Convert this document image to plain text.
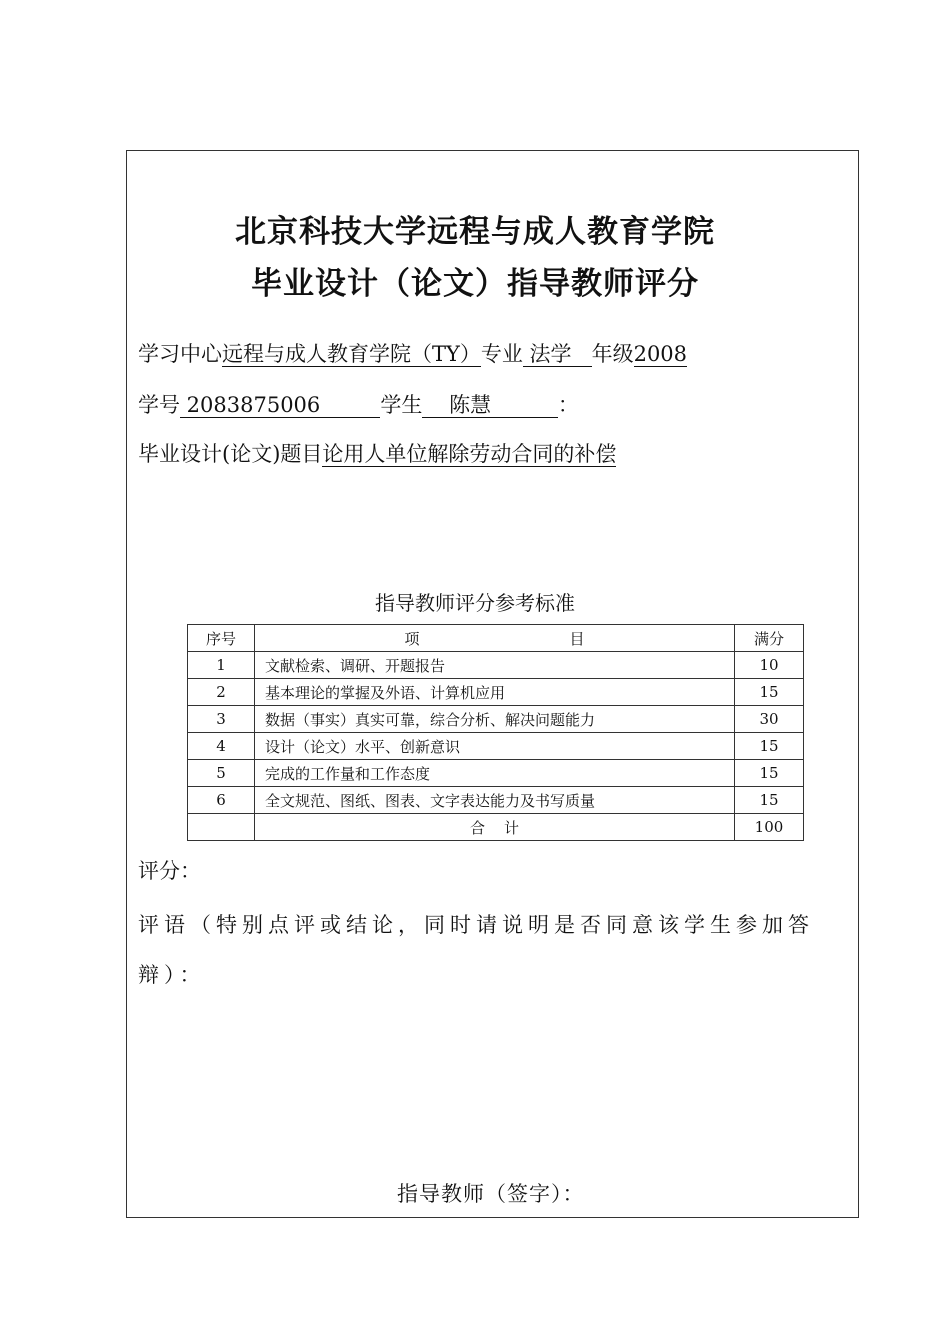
北京科技大学远程与成人教育学院
毕业设计（论文）指导教师评分
学习中心远程与成人教育学院（TY）专业 法学   年级2008
学号 2083875006         学生    陈慧          ：
毕业设计(论文)题目论用人单位解除劳动合同的补偿
指导教师评分参考标准
序号	项 目	满分
1	文献检索、调研、开题报告	10
2	基本理论的掌握及外语、计算机应用	15
3	数据（事实）真实可靠，综合分析、解决问题能力	30
4	设计（论文）水平、创新意识	15
5	完成的工作量和工作态度	15
6	全文规范、图纸、图表、文字表达能力及书写质量	15
	合    计	100
评分：
评语（特别点评或结论，同时请说明是否同意该学生参加答辩）：
指导教师（签字）：
